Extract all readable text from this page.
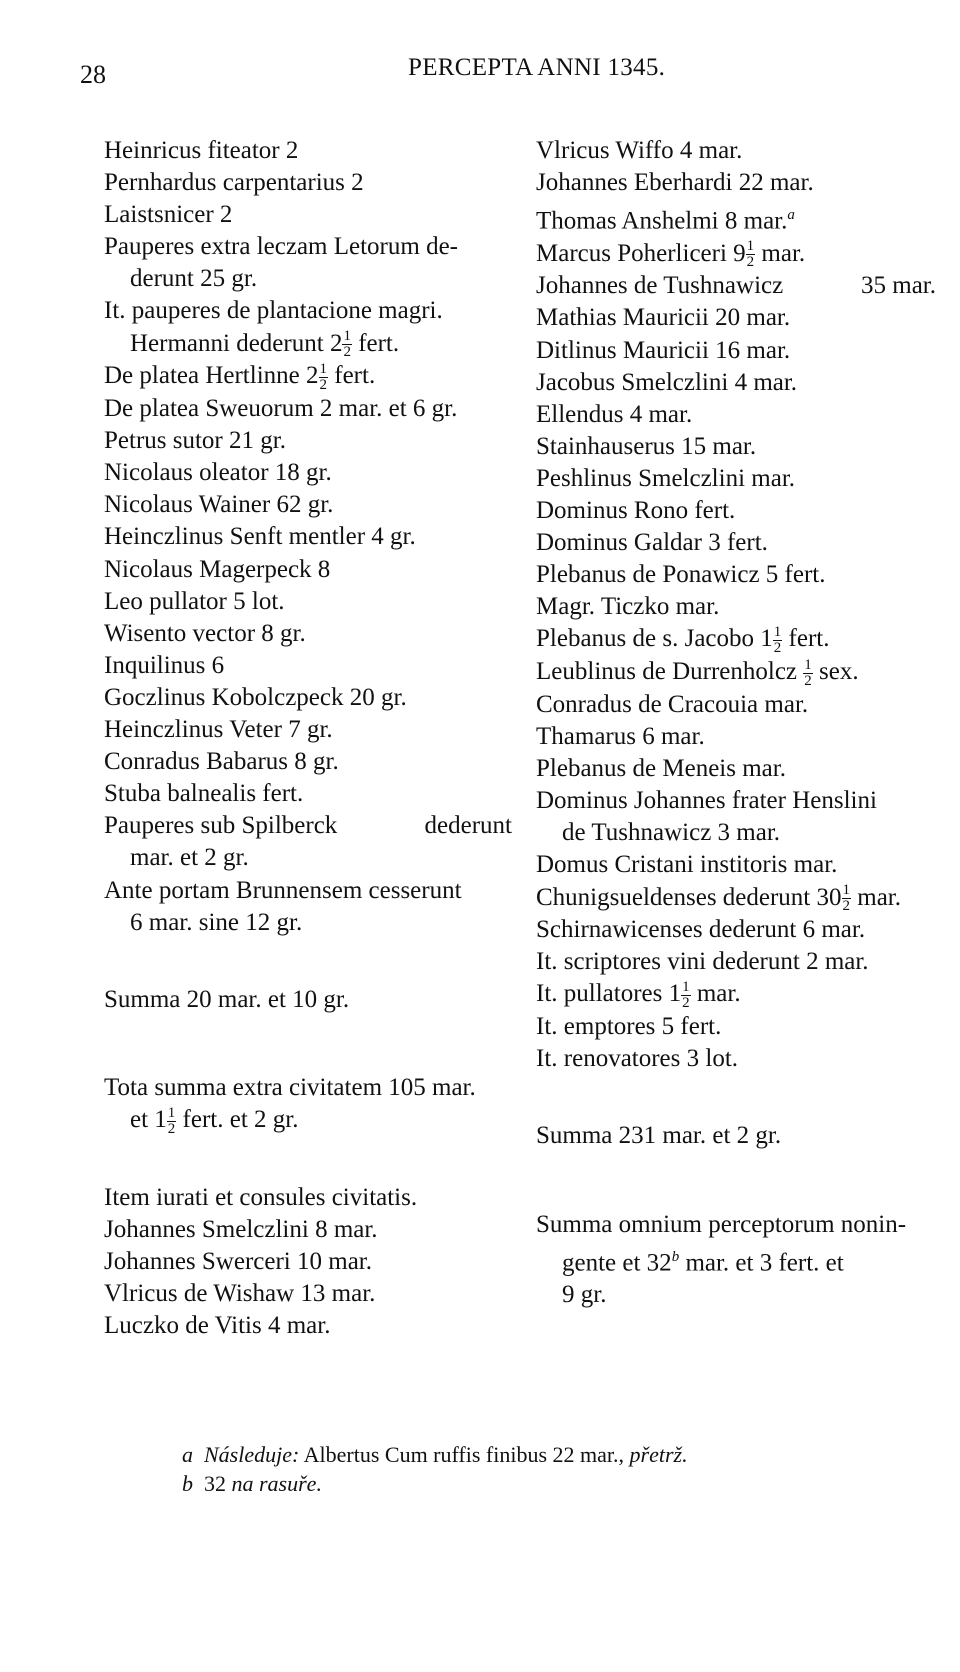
28	PERCEPTA ANNI 1345.
Heinricus fiteator 2
Pernhardus carpentarius 2
Laistsnicer 2
Pauperes extra leczam Letorum de-
derunt 25 gr.
It. pauperes de plantacione magri.
Hermanni dederunt $2 \frac{1}{2}$ fert.
De platea Hertlinne $2 \frac{1}{2}$ fert.
De platea Sweuorum 2 mar. et 6 gr.
Petrus sutor 21 gr.
Nicolaus oleator 18 gr.
Nicolaus Wainer 62 gr.
Heinczlinus Senft mentler 4 gr.
Nicolaus Magerpeck 8
Leo pullator 5 lot.
Wisento vector 8 gr.
Inquilinus 6
Goczlinus Kobolczpeck 20 gr.
Heinczlinus Veter 7 gr.
Conradus Babarus 8 gr.
Stuba balnealis fert.
Pauperes sub Spilberck	dederunt
mar. et 2 gr.
Ante portam Brunnensem cesserunt
6 mar. sine 12 gr.
Summa 20 mar. et 10 gr.
Tota summa extra civitatem 105 mar.
et $1 \frac{1}{2}$ fert. et 2 gr.
Item iurati et consules civitatis.
Johannes Smelczlini 8 mar.
Johannes Swerceri 10 mar.
Vlricus de Wishaw 13 mar.
Luczko de Vitis 4 mar.
Vlricus Wiffo 4 mar.
Johannes Eberhardi 22 mar.
Thomas Anshelmi 8 mar.$^a$
Marcus Poherliceri $9 \frac{1}{2}$ mar.
Johannes de Tushnawicz	35 mar.
Mathias Mauricii 20 mar.
Ditlinus Mauricii 16 mar.
Jacobus Smelczlini 4 mar.
Ellendus 4 mar.
Stainhauserus 15 mar.
Peshlinus Smelczlini mar.
Dominus Rono fert.
Dominus Galdar 3 fert.
Plebanus de Ponawicz 5 fert.
Magr. Ticzko mar.
Plebanus de s. Jacobo $1 \frac{1}{2}$ fert.
Leublinus de Durrenholcz $\frac{1}{2}$ sex.
Conradus de Cracouia mar.
Thamarus 6 mar.
Plebanus de Meneis mar.
Dominus Johannes frater Henslini
de Tushnawicz 3 mar.
Domus Cristani institoris mar.
Chunigsueldenses dederunt $30 \frac{1}{2}$ mar.
Schirnawicenses dederunt 6 mar.
It. scriptores vini dederunt 2 mar.
It. pullatores $1 \frac{1}{2}$ mar.
It. emptores 5 fert.
It. renovatores 3 lot.
Summa 231 mar. et 2 gr.
Summa omnium perceptorum nonin-
gente et 32$^b$ mar. et 3 fert. et
9 gr.
a Následuje: Albertus Cum ruffis finibus 22 mar., přetrž.
b 32 na rasuře.
